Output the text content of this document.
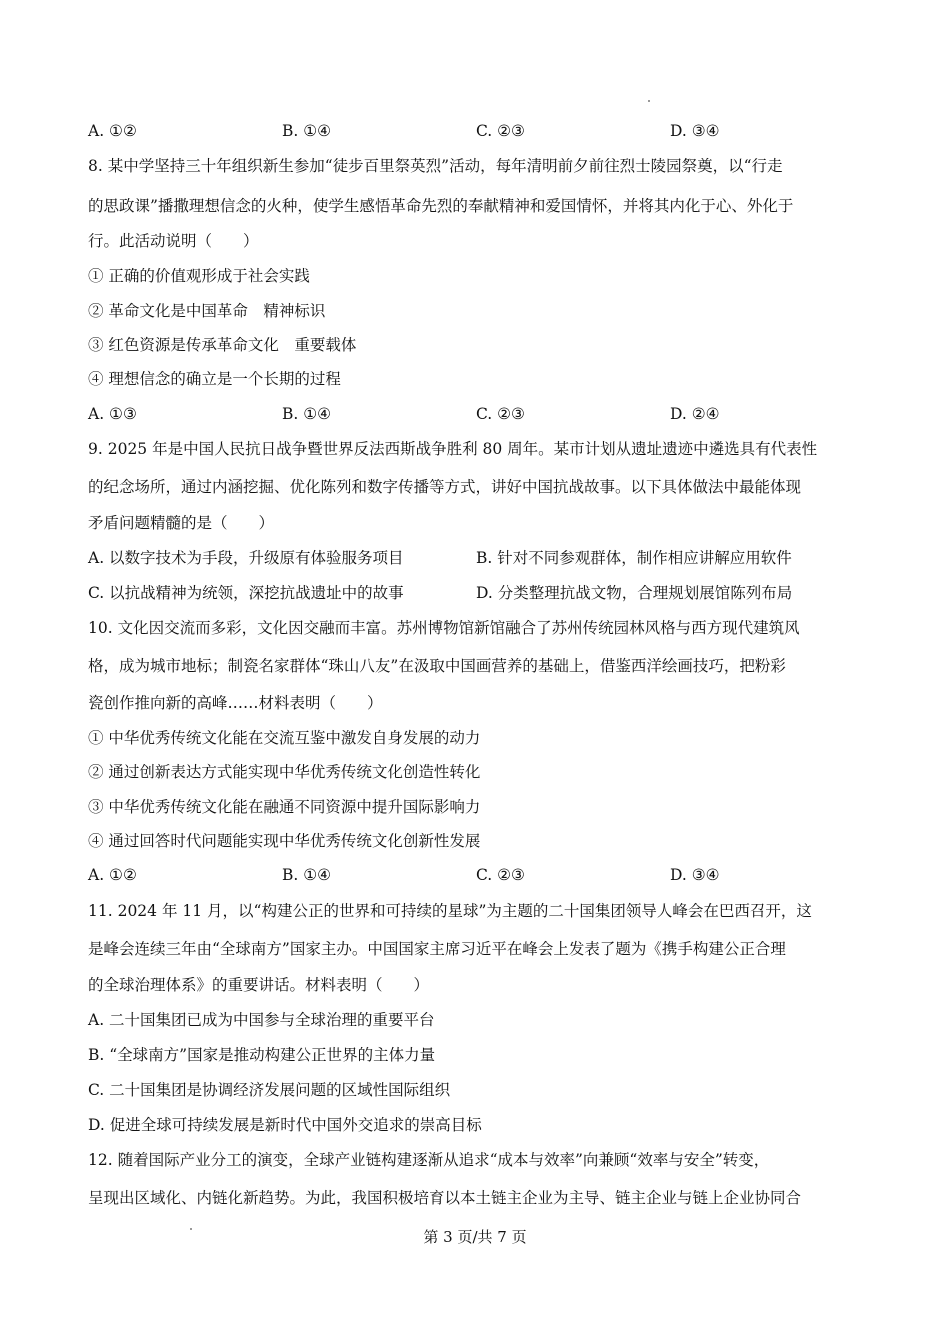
A. ①②	B. ①④	C. ②③	D. ③④
8. 某中学坚持三十年组织新生参加“徒步百里祭英烈”活动，每年清明前夕前往烈士陵园祭奠，以“行走
的思政课”播撒理想信念的火种，使学生感悟革命先烈的奉献精神和爱国情怀，并将其内化于心、外化于
行。此活动说明（　　）
① 正确的价值观形成于社会实践
② 革命文化是中国革命　精神标识
③ 红色资源是传承革命文化　重要载体
④ 理想信念的确立是一个长期的过程
A. ①③	B. ①④	C. ②③	D. ②④
9. 2025 年是中国人民抗日战争暨世界反法西斯战争胜利 80 周年。某市计划从遗址遗迹中遴选具有代表性
的纪念场所，通过内涵挖掘、优化陈列和数字传播等方式，讲好中国抗战故事。以下具体做法中最能体现
矛盾问题精髓的是（　　）
A. 以数字技术为手段，升级原有体验服务项目	B. 针对不同参观群体，制作相应讲解应用软件
C. 以抗战精神为统领，深挖抗战遗址中的故事	D. 分类整理抗战文物，合理规划展馆陈列布局
10. 文化因交流而多彩，文化因交融而丰富。苏州博物馆新馆融合了苏州传统园林风格与西方现代建筑风
格，成为城市地标；制瓷名家群体“珠山八友”在汲取中国画营养的基础上，借鉴西洋绘画技巧，把粉彩
瓷创作推向新的高峰……材料表明（　　）
① 中华优秀传统文化能在交流互鉴中激发自身发展的动力
② 通过创新表达方式能实现中华优秀传统文化创造性转化
③ 中华优秀传统文化能在融通不同资源中提升国际影响力
④ 通过回答时代问题能实现中华优秀传统文化创新性发展
A. ①②	B. ①④	C. ②③	D. ③④
11. 2024 年 11 月，以“构建公正的世界和可持续的星球”为主题的二十国集团领导人峰会在巴西召开，这
是峰会连续三年由“全球南方”国家主办。中国国家主席习近平在峰会上发表了题为《携手构建公正合理
的全球治理体系》的重要讲话。材料表明（　　）
A. 二十国集团已成为中国参与全球治理的重要平台
B. “全球南方”国家是推动构建公正世界的主体力量
C. 二十国集团是协调经济发展问题的区域性国际组织
D. 促进全球可持续发展是新时代中国外交追求的崇高目标
12. 随着国际产业分工的演变，全球产业链构建逐渐从追求“成本与效率”向兼顾“效率与安全”转变，
呈现出区域化、内链化新趋势。为此，我国积极培育以本土链主企业为主导、链主企业与链上企业协同合
第 3 页/共 7 页
